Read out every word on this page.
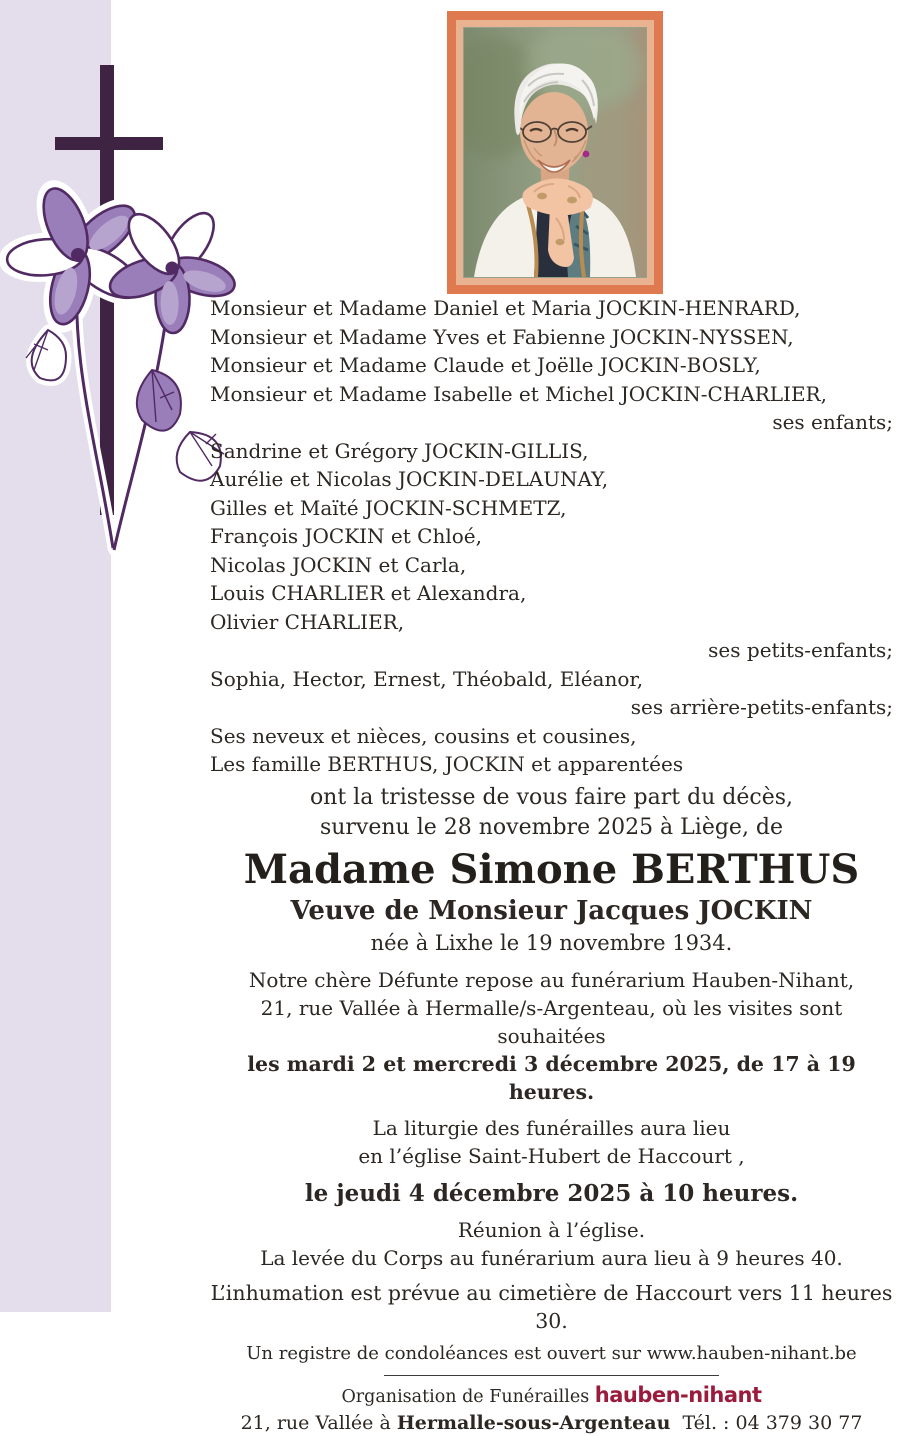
Monsieur et Madame Daniel et Maria JOCKIN-HENRARD,
Monsieur et Madame Yves et Fabienne JOCKIN-NYSSEN,
Monsieur et Madame Claude et Joëlle JOCKIN-BOSLY,
Monsieur et Madame Isabelle et Michel JOCKIN-CHARLIER,
ses enfants;
Sandrine et Grégory JOCKIN-GILLIS,
Aurélie et Nicolas JOCKIN-DELAUNAY,
Gilles et Maïté JOCKIN-SCHMETZ,
François JOCKIN et Chloé,
Nicolas JOCKIN et Carla,
Louis CHARLIER et Alexandra,
Olivier CHARLIER,
ses petits-enfants;
Sophia, Hector, Ernest, Théobald, Eléanor,
ses arrière-petits-enfants;
Ses neveux et nièces, cousins et cousines,
Les famille BERTHUS, JOCKIN et apparentées
ont la tristesse de vous faire part du décès,
survenu le 28 novembre 2025 à Liège, de
Madame Simone BERTHUS
Veuve de Monsieur Jacques JOCKIN
née à Lixhe le 19 novembre 1934.
Notre chère Défunte repose au funérarium Hauben-Nihant,
21, rue Vallée à Hermalle/s-Argenteau, où les visites sont souhaitées
les mardi 2 et mercredi 3 décembre 2025, de 17 à 19 heures.
La liturgie des funérailles aura lieu
en l’église Saint-Hubert de Haccourt ,
le jeudi 4 décembre 2025 à 10 heures.
Réunion à l’église.
La levée du Corps au funérarium aura lieu à 9 heures 40.
L’inhumation est prévue au cimetière de Haccourt vers 11 heures 30.
Un registre de condoléances est ouvert sur www.hauben-nihant.be
Organisation de Funérailles hauben-nihant
21, rue Vallée à Hermalle-sous-Argenteau Tél. : 04 379 30 77
